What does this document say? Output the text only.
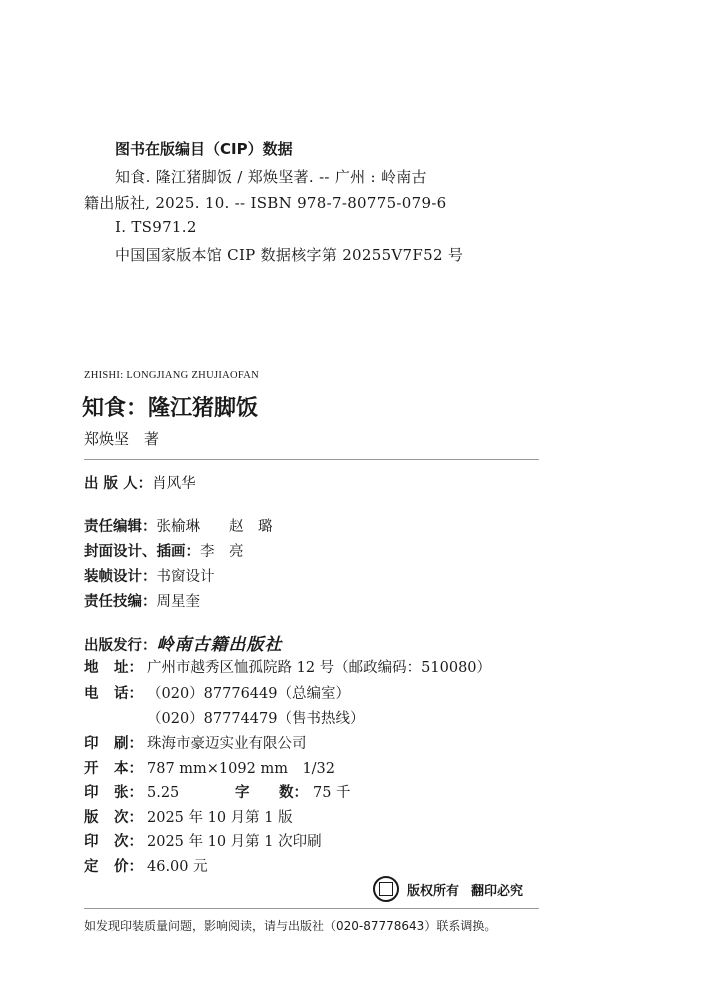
图书在版编目（CIP）数据
知食. 隆江猪脚饭 / 郑焕坚著. -- 广州 : 岭南古
籍出版社, 2025. 10. -- ISBN 978-7-80775-079-6
Ⅰ. TS971.2
中国国家版本馆 CIP 数据核字第 20255V7F52 号
ZHISHI: LONGJIANG ZHUJIAOFAN
知食：隆江猪脚饭
郑焕坚　著
出 版 人：肖风华
责任编辑：张榆琳　　赵　璐
封面设计、插画：李　亮
装帧设计：书窗设计
责任技编：周星奎
出版发行：岭南古籍出版社
地 址： 广州市越秀区恤孤院路 12 号（邮政编码：510080）
电 话： （020）87776449（总编室）
（020）87774479（售书热线）
印 刷： 珠海市豪迈实业有限公司
开 本： 787 mm×1092 mm　1/32
印 张： 5.25	字 数： 75 千
版 次： 2025 年 10 月第 1 版
印 次： 2025 年 10 月第 1 次印刷
定 价： 46.00 元
版权所有 翻印必究
如发现印装质量问题，影响阅读，请与出版社（020-87778643）联系调换。
